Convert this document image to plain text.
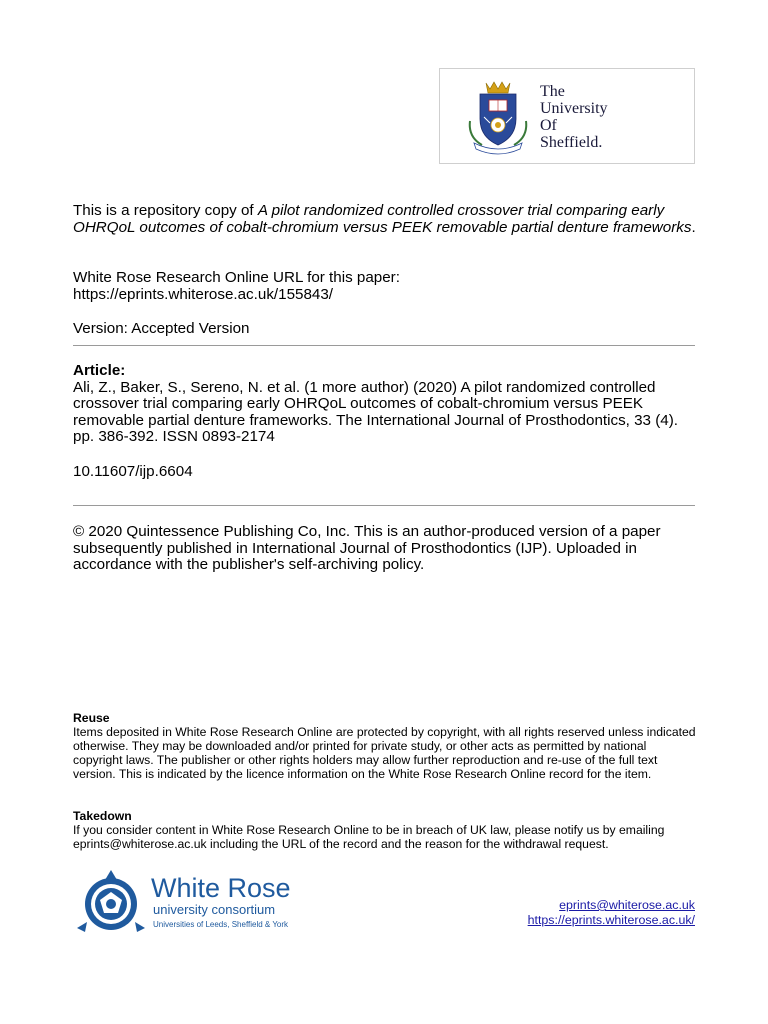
The
University
Of
Sheffield.
This is a repository copy of A pilot randomized controlled crossover trial comparing early OHRQoL outcomes of cobalt-chromium versus PEEK removable partial denture frameworks.
White Rose Research Online URL for this paper:
https://eprints.whiterose.ac.uk/155843/
Version: Accepted Version
Article:
Ali, Z., Baker, S., Sereno, N. et al. (1 more author) (2020) A pilot randomized controlled crossover trial comparing early OHRQoL outcomes of cobalt-chromium versus PEEK removable partial denture frameworks. The International Journal of Prosthodontics, 33 (4). pp. 386-392. ISSN 0893-2174
10.11607/ijp.6604
© 2020 Quintessence Publishing Co, Inc. This is an author-produced version of a paper subsequently published in International Journal of Prosthodontics (IJP). Uploaded in accordance with the publisher's self-archiving policy.
Reuse
Items deposited in White Rose Research Online are protected by copyright, with all rights reserved unless indicated otherwise. They may be downloaded and/or printed for private study, or other acts as permitted by national copyright laws. The publisher or other rights holders may allow further reproduction and re-use of the full text version. This is indicated by the licence information on the White Rose Research Online record for the item.
Takedown
If you consider content in White Rose Research Online to be in breach of UK law, please notify us by emailing eprints@whiterose.ac.uk including the URL of the record and the reason for the withdrawal request.
White Rose
university consortium
Universities of Leeds, Sheffield & York
eprints@whiterose.ac.uk
https://eprints.whiterose.ac.uk/
